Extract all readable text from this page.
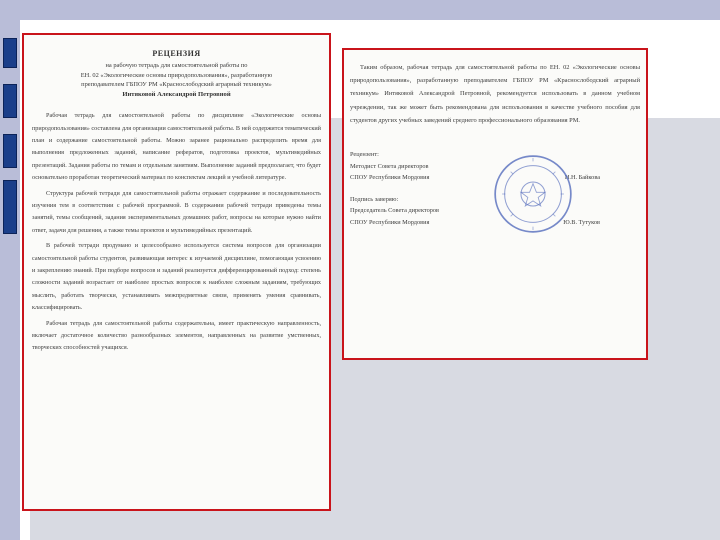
РЕЦЕНЗИЯ
на рабочую тетрадь для самостоятельной работы по
ЕН. 02 «Экологические основы природопользования», разработанную
преподавателем ГБПОУ РМ «Краснослободский аграрный техникум»
Интяковой Александрой Петровной

Рабочая тетрадь для самостоятельной работы по дисциплине «Экологические основы природопользования» составлена для организации самостоятельной работы. В ней содержится тематический план и содержание самостоятельной работы. Можно заранее рационально распределить время для выполнения предложенных заданий, написание рефератов, подготовка проектов, мультимедийных презентаций. Задания работы по темам и отдельным занятиям. Выполнение заданий предполагает, что будет основательно проработан теоретический материал по конспектам лекций и учебной литературе.

Структура рабочей тетради для самостоятельной работы отражает содержание и последовательность изучения тем в соответствии с рабочей программой. В содержании рабочей тетради приведены темы занятий, темы сообщений, задания экспериментальных домашних работ, вопросы на которые нужно найти ответ, задачи для решения, а также темы проектов и мультимедийных презентаций.

В рабочей тетради продумано и целесообразно используется система вопросов для организации самостоятельной работы студентов, развивающая интерес к изучаемой дисциплине, помогающая усвоению и закреплению знаний. При подборе вопросов и заданий реализуется дифференцированный подход: степень сложности заданий возрастает от наиболее простых вопросов к наиболее сложным заданиям, требующих мыслить, работать творчески, устанавливать межпредметные связи, применять умения сравнивать, классифицировать.

Рабочая тетрадь для самостоятельной работы содержательна, имеет практическую направленность, включает достаточное количество разнообразных элементов, направленных на развитие умственных, творческих способностей учащихся.

Таким образом, рабочая тетрадь для самостоятельной работы по ЕН. 02 «Экологические основы природопользования», разработанную преподавателем ГБПОУ РМ «Краснослободский аграрный техникум» Интяковой Александрой Петровной, рекомендуется использовать в данном учебном учреждении, так же может быть рекомендована для использования в качестве учебного пособия для студентов других учебных заведений среднего профессионального образования РМ.

Рецензент:
Методист Совета директоров
СПОУ Республики Мордовия	Н.Н. Байкова
Подпись заверяю:
Председатель Совета директоров
СПОУ Республики Мордовия	Ю.В. Тутуков
